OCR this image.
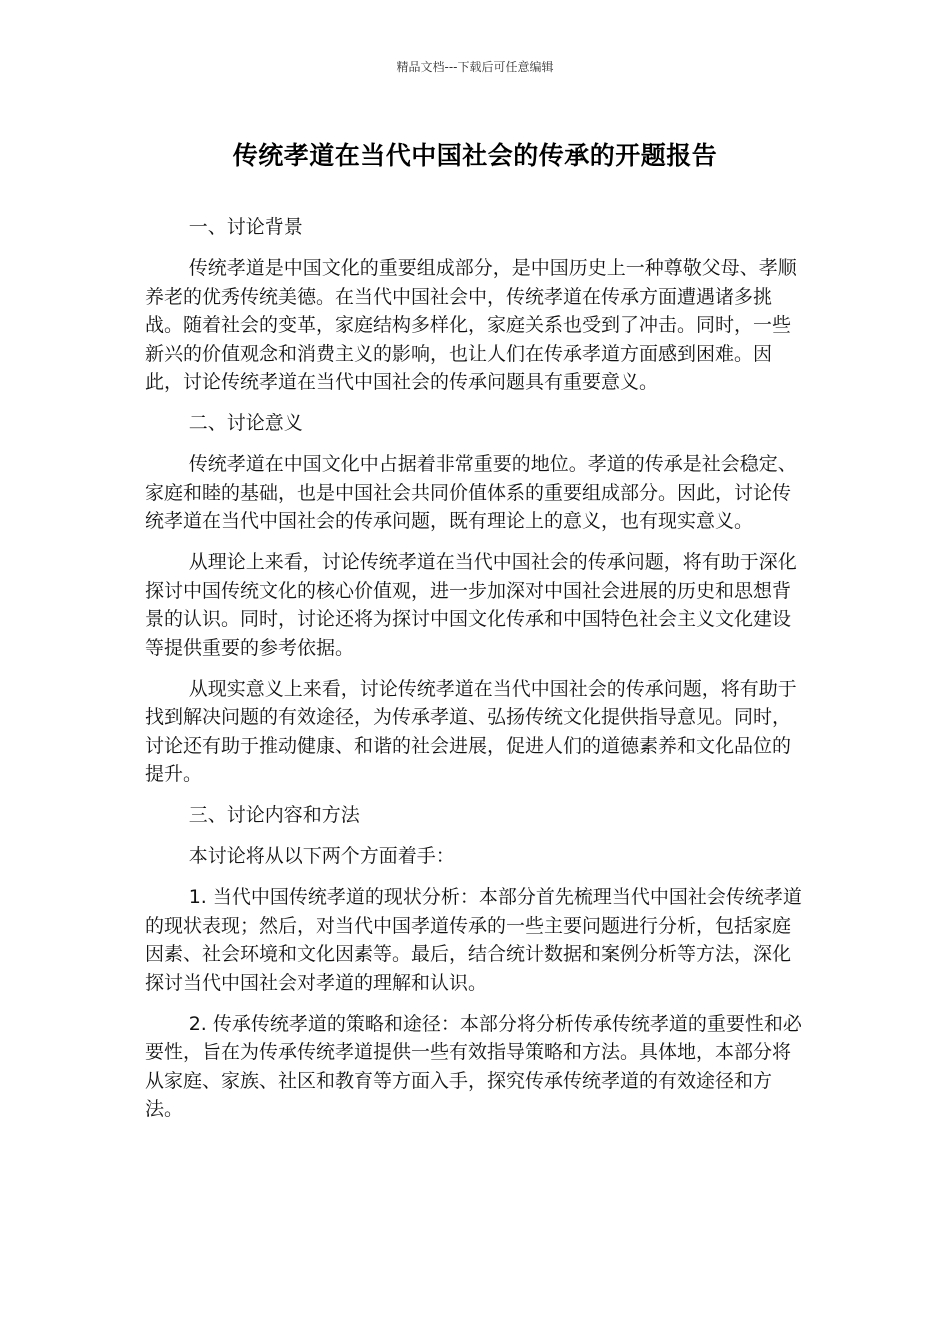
精品文档---下载后可任意编辑
传统孝道在当代中国社会的传承的开题报告

一、讨论背景

传统孝道是中国文化的重要组成部分，是中国历史上一种尊敬父母、孝顺养老的优秀传统美德。在当代中国社会中，传统孝道在传承方面遭遇诸多挑战。随着社会的变革，家庭结构多样化，家庭关系也受到了冲击。同时，一些新兴的价值观念和消费主义的影响，也让人们在传承孝道方面感到困难。因此，讨论传统孝道在当代中国社会的传承问题具有重要意义。

二、讨论意义

传统孝道在中国文化中占据着非常重要的地位。孝道的传承是社会稳定、家庭和睦的基础，也是中国社会共同价值体系的重要组成部分。因此，讨论传统孝道在当代中国社会的传承问题，既有理论上的意义，也有现实意义。

从理论上来看，讨论传统孝道在当代中国社会的传承问题，将有助于深化探讨中国传统文化的核心价值观，进一步加深对中国社会进展的历史和思想背景的认识。同时，讨论还将为探讨中国文化传承和中国特色社会主义文化建设等提供重要的参考依据。

从现实意义上来看，讨论传统孝道在当代中国社会的传承问题，将有助于找到解决问题的有效途径，为传承孝道、弘扬传统文化提供指导意见。同时，讨论还有助于推动健康、和谐的社会进展，促进人们的道德素养和文化品位的提升。

三、讨论内容和方法

本讨论将从以下两个方面着手：

1. 当代中国传统孝道的现状分析：本部分首先梳理当代中国社会传统孝道的现状表现；然后，对当代中国孝道传承的一些主要问题进行分析，包括家庭因素、社会环境和文化因素等。最后，结合统计数据和案例分析等方法，深化探讨当代中国社会对孝道的理解和认识。

2. 传承传统孝道的策略和途径：本部分将分析传承传统孝道的重要性和必要性，旨在为传承传统孝道提供一些有效指导策略和方法。具体地，本部分将从家庭、家族、社区和教育等方面入手，探究传承传统孝道的有效途径和方法。
